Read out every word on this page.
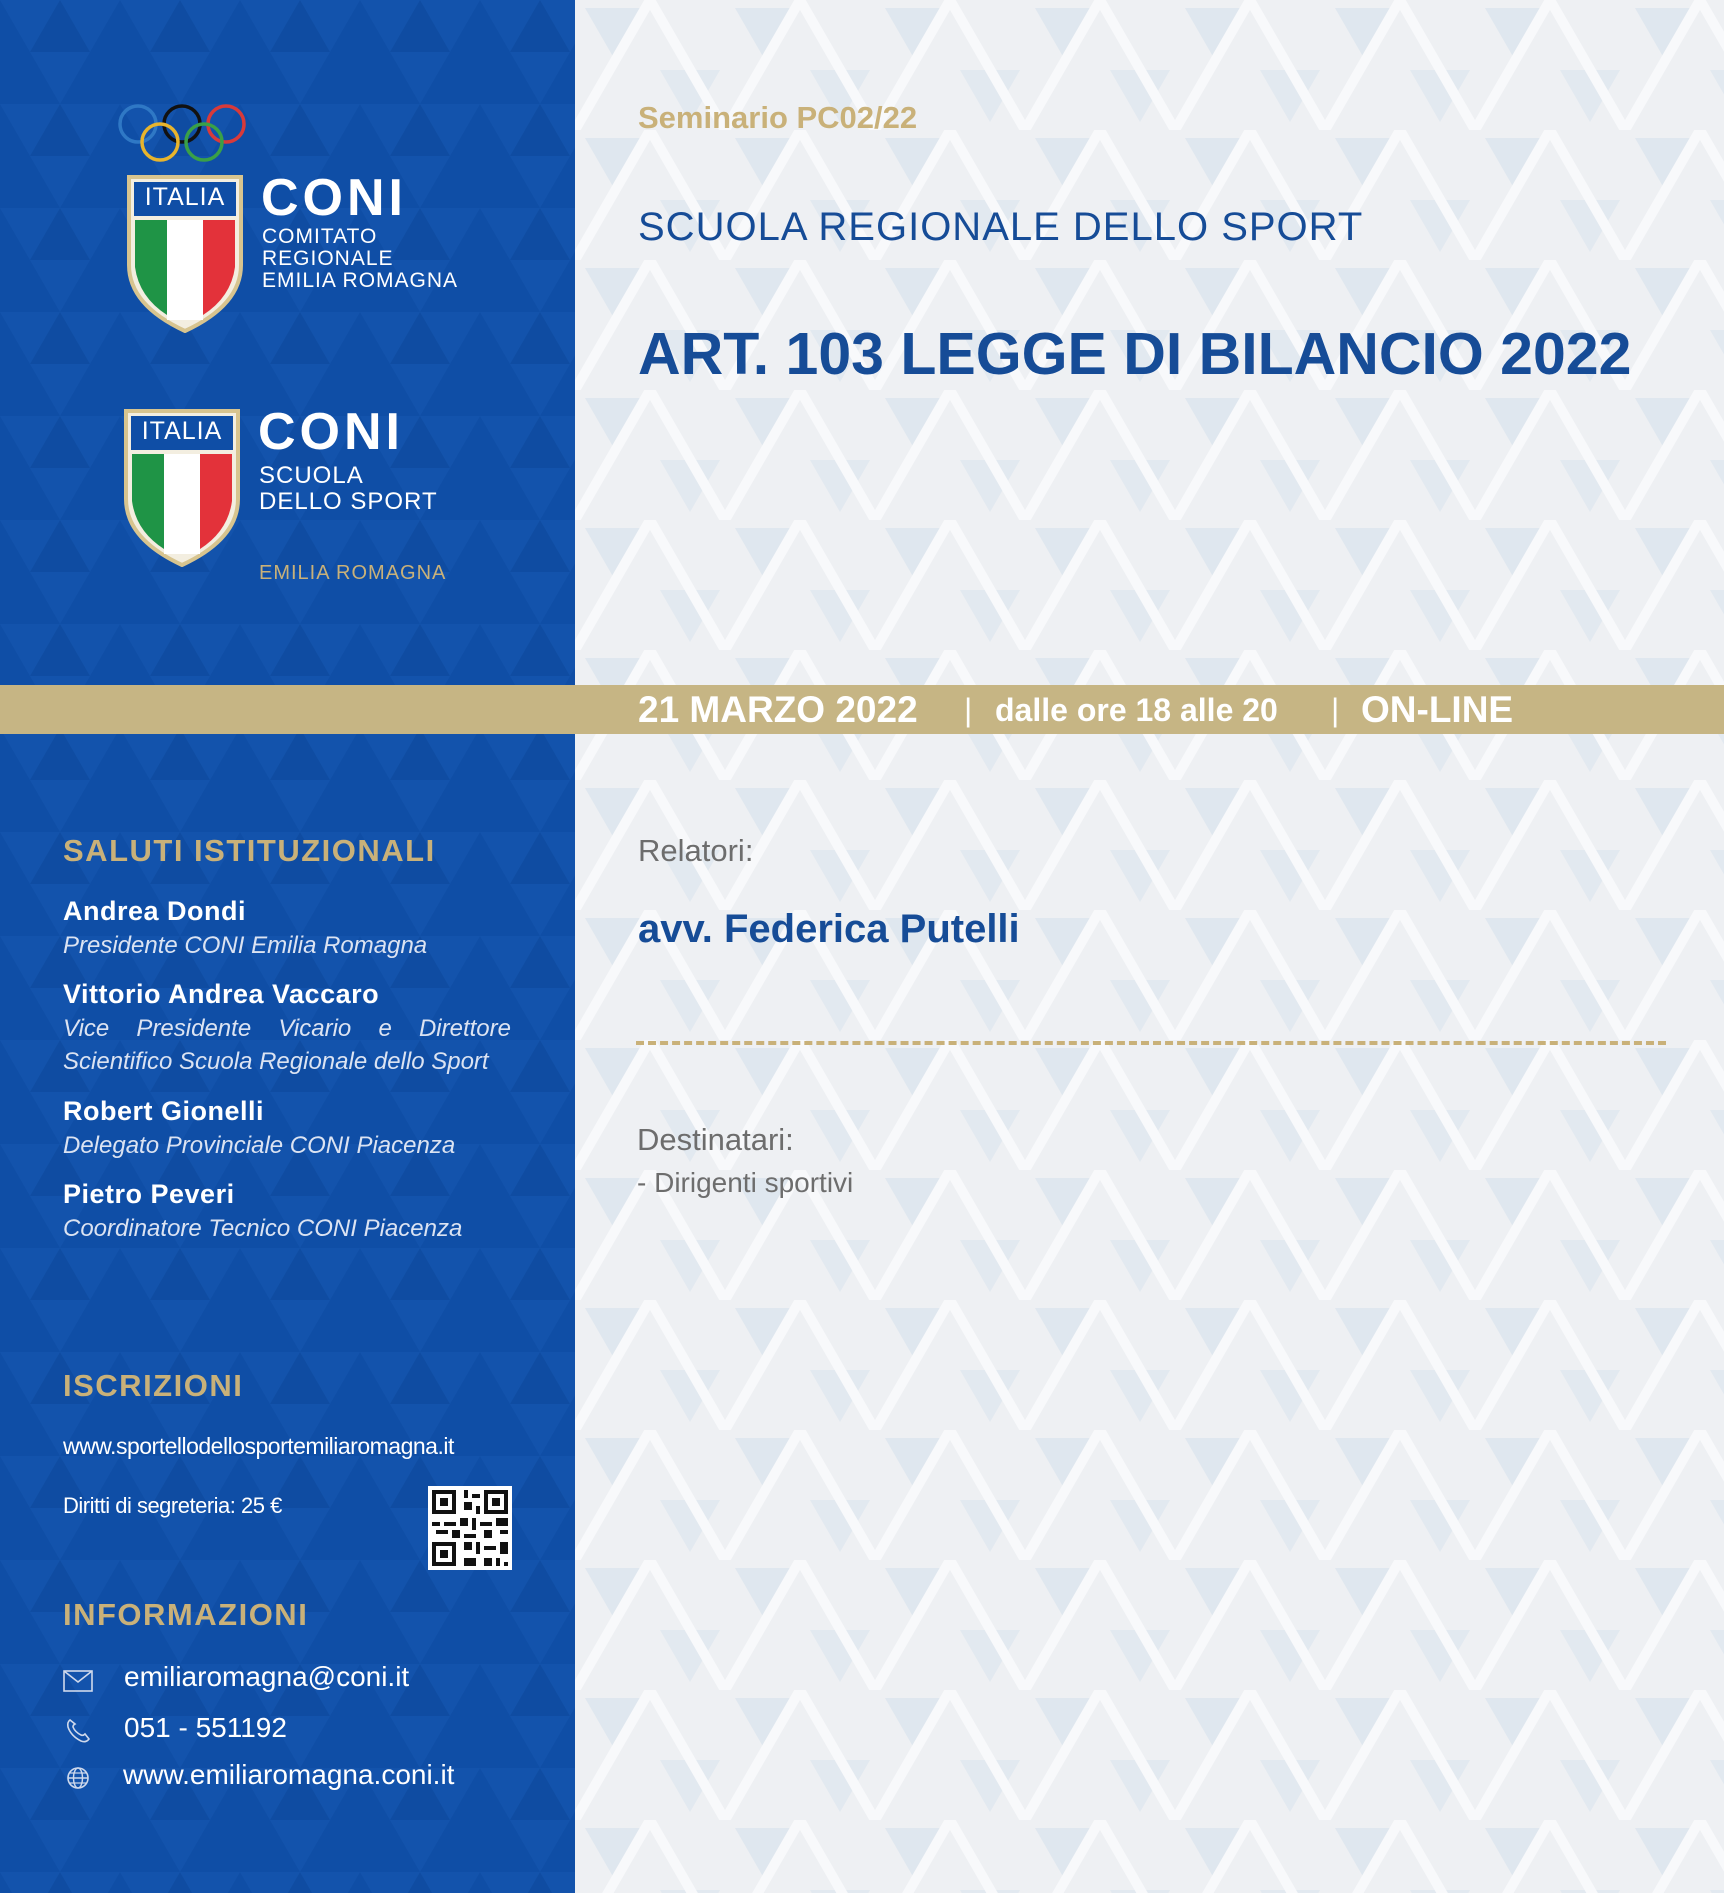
ITALIA CONI
COMITATO
REGIONALE
EMILIA ROMAGNA
ITALIA CONI
SCUOLA
DELLO SPORT
EMILIA ROMAGNA
SALUTI ISTITUZIONALI
Andrea Dondi
Presidente CONI Emilia Romagna
Vittorio Andrea Vaccaro
Vice Presidente Vicario e Direttore
Scientifico Scuola Regionale dello Sport
Robert Gionelli
Delegato Provinciale CONI Piacenza
Pietro Peveri
Coordinatore Tecnico CONI Piacenza
ISCRIZIONI
www.sportellodellosportemiliaromagna.it
Diritti di segreteria: 25 €
INFORMAZIONI
emiliaromagna@coni.it
051 - 551192
www.emiliaromagna.coni.it
Seminario PC02/22
SCUOLA REGIONALE DELLO SPORT
ART. 103 LEGGE DI BILANCIO 2022
Relatori:
avv. Federica Putelli
Destinatari:
- Dirigenti sportivi
21 MARZO 2022 | dalle ore 18 alle 20 | ON-LINE
